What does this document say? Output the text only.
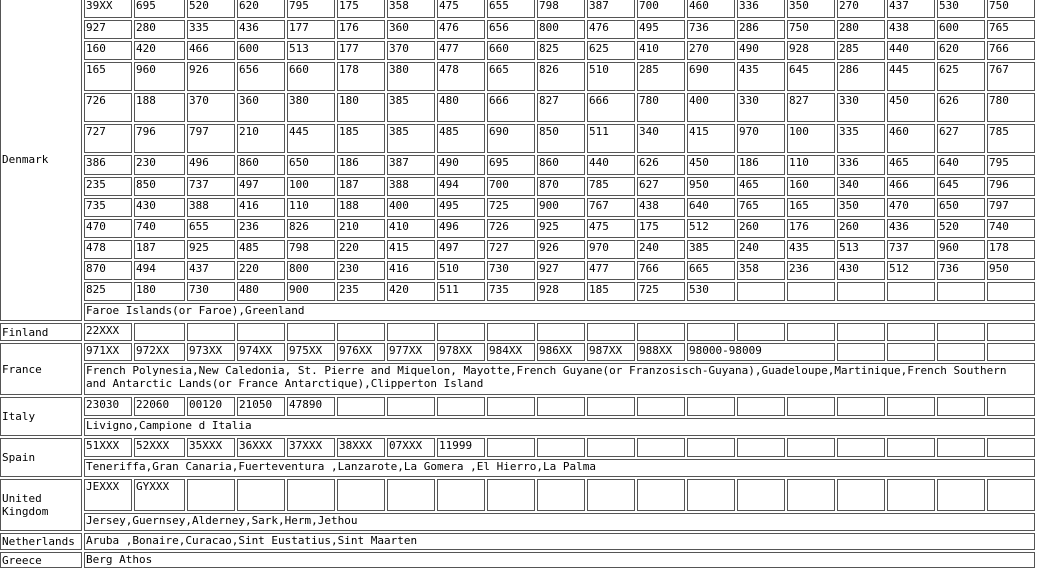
Denmark	39XX	695	520	620	795	175	358	475	655	798	387	700	460	336	350	270	437	530	750
	927	280	335	436	177	176	360	476	656	800	476	495	736	286	750	280	438	600	765
	160	420	466	600	513	177	370	477	660	825	625	410	270	490	928	285	440	620	766
	165	960	926	656	660	178	380	478	665	826	510	285	690	435	645	286	445	625	767
	726	188	370	360	380	180	385	480	666	827	666	780	400	330	827	330	450	626	780
	727	796	797	210	445	185	385	485	690	850	511	340	415	970	100	335	460	627	785
	386	230	496	860	650	186	387	490	695	860	440	626	450	186	110	336	465	640	795
	235	850	737	497	100	187	388	494	700	870	785	627	950	465	160	340	466	645	796
	735	430	388	416	110	188	400	495	725	900	767	438	640	765	165	350	470	650	797
	470	740	655	236	826	210	410	496	726	925	475	175	512	260	176	260	436	520	740
	478	187	925	485	798	220	415	497	727	926	970	240	385	240	435	513	737	960	178
	870	494	437	220	800	230	416	510	730	927	477	766	665	358	236	430	512	736	950
	825	180	730	480	900	235	420	511	735	928	185	725	530						
	Faroe Islands(or Faroe),Greenland																		
Finland	22XXX																		
France	971XX	972XX	973XX	974XX	975XX	976XX	977XX	978XX	984XX	986XX	987XX	988XX	98000-98009						
	French Polynesia,New Caledonia, St. Pierre and Miquelon, Mayotte,French Guyane(or Franzosisch-Guyana),Guadeloupe,Martinique,French Southern and Antarctic Lands(or France Antarctique),Clipperton Island																		
Italy	23030	22060	00120	21050	47890														
	Livigno,Campione d Italia																		
Spain	51XXX	52XXX	35XXX	36XXX	37XXX	38XXX	07XXX	11999											
	Teneriffa,Gran Canaria,Fuerteventura ,Lanzarote,La Gomera ,El Hierro,La Palma																		
United Kingdom	JEXXX	GYXXX																	
	Jersey,Guernsey,Alderney,Sark,Herm,Jethou																		
Netherlands	Aruba ,Bonaire,Curacao,Sint Eustatius,Sint Maarten																		
Greece	Berg Athos																		
